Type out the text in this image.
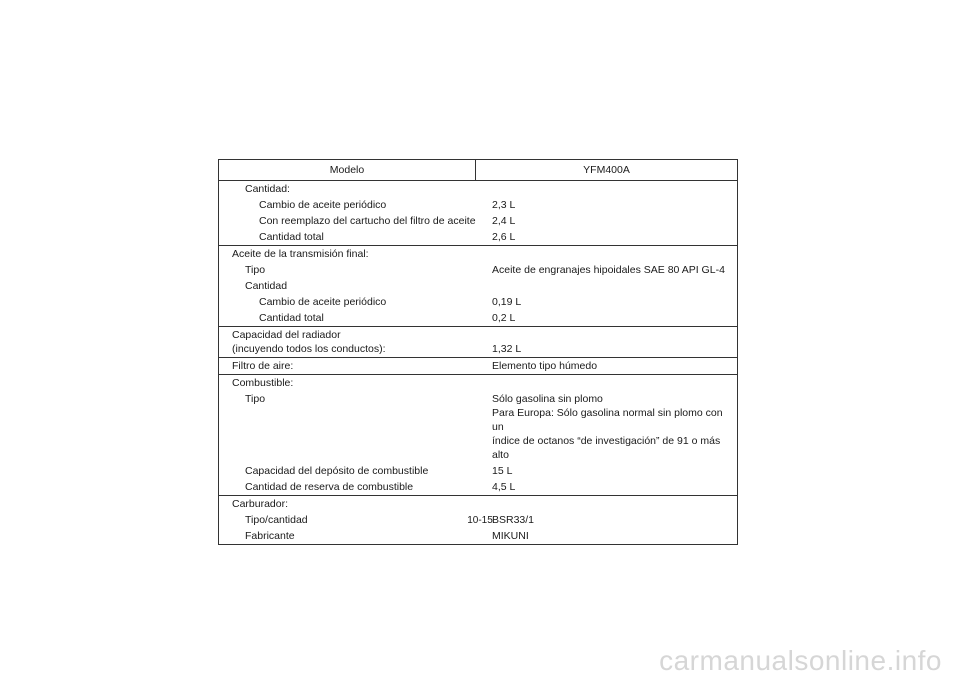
Modelo	YFM400A
Cantidad:
Cambio de aceite periódico	2,3 L
Con reemplazo del cartucho del filtro de aceite	2,4 L
Cantidad total	2,6 L
Aceite de la transmisión final:
Tipo	Aceite de engranajes hipoidales SAE 80 API GL-4
Cantidad
Cambio de aceite periódico	0,19 L
Cantidad total	0,2 L
Capacidad del radiador
(incuyendo todos los conductos):	1,32 L
Filtro de aire:	Elemento tipo húmedo
Combustible:
Tipo	Sólo gasolina sin plomo
Para Europa: Sólo gasolina normal sin plomo con un
índice de octanos “de investigación” de 91 o más alto
Capacidad del depósito de combustible	15 L
Cantidad de reserva de combustible	4,5 L
Carburador:
Tipo/cantidad	BSR33/1
Fabricante	MIKUNI
10-15
carmanualsonline.info
